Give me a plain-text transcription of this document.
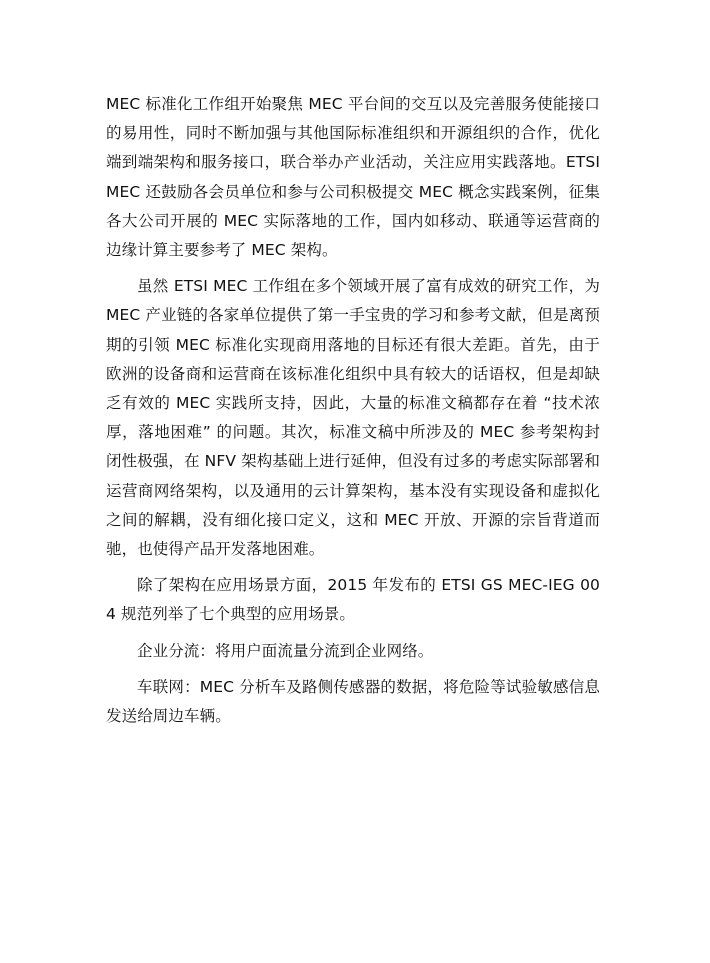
MEC 标准化工作组开始聚焦 MEC 平台间的交互以及完善服务使能接口的易用性，同时不断加强与其他国际标准组织和开源组织的合作，优化端到端架构和服务接口，联合举办产业活动，关注应用实践落地。ETSI MEC 还鼓励各会员单位和参与公司积极提交 MEC 概念实践案例，征集各大公司开展的 MEC 实际落地的工作，国内如移动、联通等运营商的边缘计算主要参考了 MEC 架构。

虽然 ETSI MEC 工作组在多个领域开展了富有成效的研究工作，为 MEC 产业链的各家单位提供了第一手宝贵的学习和参考文献，但是离预期的引领 MEC 标准化实现商用落地的目标还有很大差距。首先，由于欧洲的设备商和运营商在该标准化组织中具有较大的话语权，但是却缺乏有效的 MEC 实践所支持，因此，大量的标准文稿都存在着 “技术浓厚，落地困难” 的问题。其次，标准文稿中所涉及的 MEC 参考架构封闭性极强，在 NFV 架构基础上进行延伸，但没有过多的考虑实际部署和运营商网络架构，以及通用的云计算架构，基本没有实现设备和虚拟化之间的解耦，没有细化接口定义，这和 MEC 开放、开源的宗旨背道而驰，也使得产品开发落地困难。

除了架构在应用场景方面，2015 年发布的 ETSI GS MEC-IEG 004 规范列举了七个典型的应用场景。

企业分流：将用户面流量分流到企业网络。

车联网：MEC 分析车及路侧传感器的数据，将危险等试验敏感信息发送给周边车辆。
